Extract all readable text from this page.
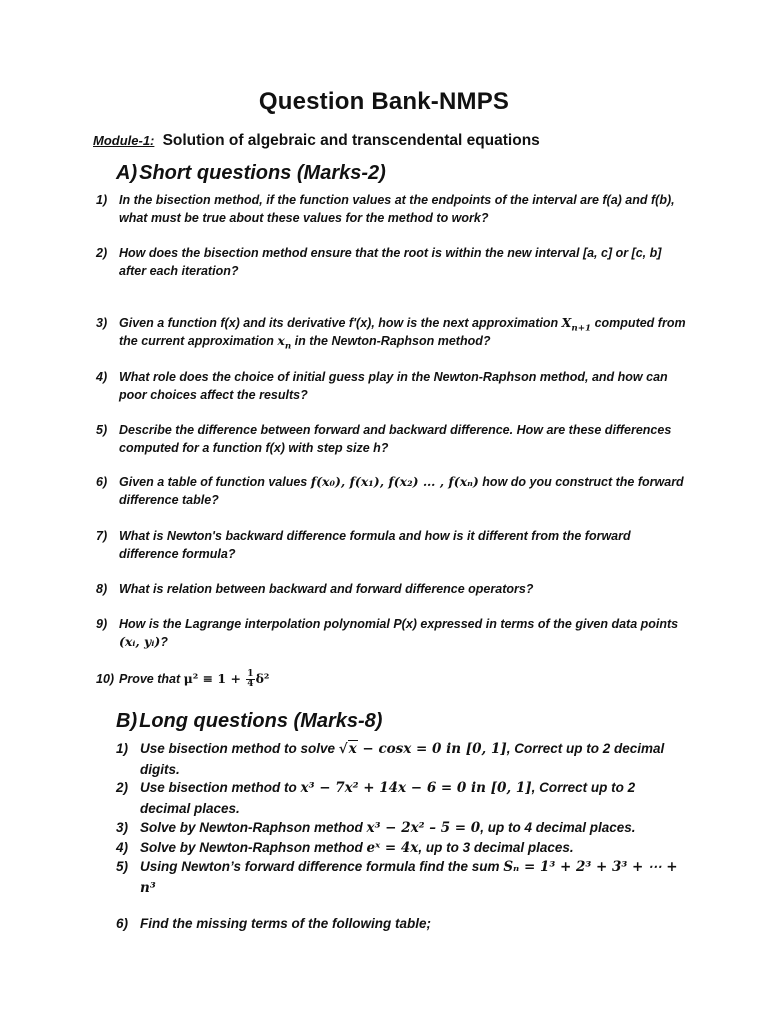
Question Bank-NMPS
Module-1: Solution of algebraic and transcendental equations
A) Short questions (Marks-2)
1) In the bisection method, if the function values at the endpoints of the interval are f(a) and f(b), what must be true about these values for the method to work?
2) How does the bisection method ensure that the root is within the new interval [a, c] or [c, b] after each iteration?
3) Given a function f(x) and its derivative f'(x), how is the next approximation $X_{n+1}$ computed from the current approximation $x_n$ in the Newton-Raphson method?
4) What role does the choice of initial guess play in the Newton-Raphson method, and how can poor choices affect the results?
5) Describe the difference between forward and backward difference. How are these differences computed for a function f(x) with step size h?
6) Given a table of function values f(x₀), f(x₁), f(x₂) … , f(xₙ) how do you construct the forward difference table?
7) What is Newton's backward difference formula and how is it different from the forward difference formula?
8) What is relation between backward and forward difference operators?
9) How is the Lagrange interpolation polynomial P(x) expressed in terms of the given data points (xᵢ, yᵢ)?
10) Prove that $\mu^2 \equiv 1 + \frac{1}{4} \delta^2$
B) Long questions (Marks-8)
1) Use bisection method to solve √x − cosx = 0 in [0, 1], Correct up to 2 decimal digits.
2) Use bisection method to x³ − 7x² + 14x − 6 = 0 in [0, 1], Correct up to 2 decimal places.
3) Solve by Newton-Raphson method x³ − 2x² – 5 = 0, up to 4 decimal places.
4) Solve by Newton-Raphson method eˣ = 4x, up to 3 decimal places.
5) Using Newton’s forward difference formula find the sum Sₙ = 1³ + 2³ + 3³ + ⋯ + n³
6) Find the missing terms of the following table;
